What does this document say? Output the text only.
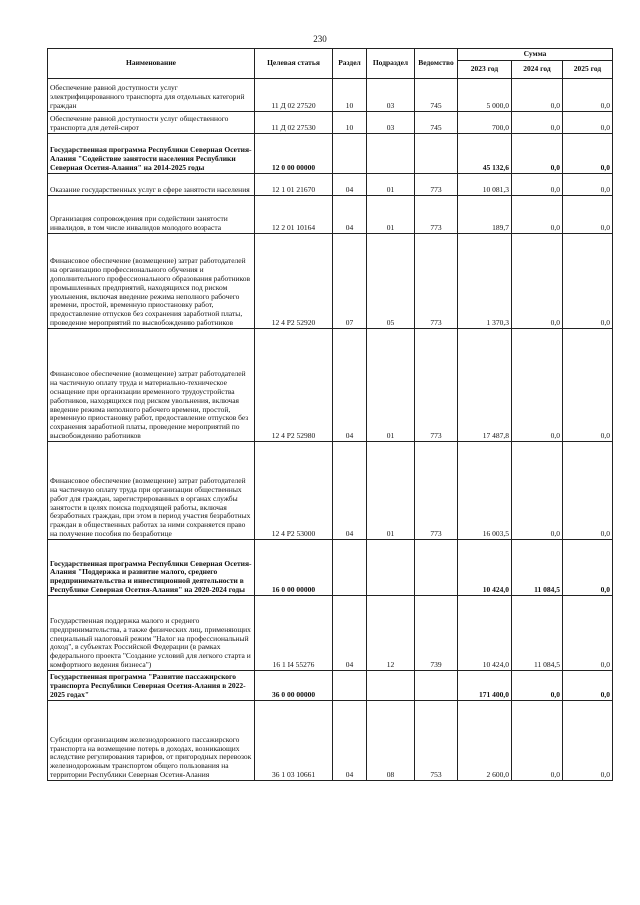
230
Наименование	Целевая статья	Раздел	Подраздел	Ведомство	Сумма		
					2023 год	2024 год	2025 год
Обеспечение равной доступности услуг электрифицированного транспорта для отдельных категорий граждан	11 Д 02 27520	10	03	745	5 000,0	0,0	0,0
Обеспечение равной доступности услуг общественного транспорта для детей-сирот	11 Д 02 27530	10	03	745	700,0	0,0	0,0
Государственная программа Республики Северная Осетия-Алания "Содействие занятости населения Республики Северная Осетия-Алания" на 2014-2025 годы	12 0 00 00000				45 132,6	0,0	0,0
Оказание государственных услуг в сфере занятости населения	12 1 01 21670	04	01	773	10 081,3	0,0	0,0
Организация сопровождения при содействии занятости инвалидов, в том числе инвалидов молодого возраста	12 2 01 10164	04	01	773	189,7	0,0	0,0
Финансовое обеспечение (возмещение) затрат работодателей на организацию профессионального обучения и дополнительного профессионального образования работников промышленных предприятий, находящихся под риском увольнения, включая введение режима неполного рабочего времени, простой, временную приостановку работ, предоставление отпусков без сохранения заработной платы, проведение мероприятий по высвобождению работников	12 4 Р2 52920	07	05	773	1 370,3	0,0	0,0
Финансовое обеспечение (возмещение) затрат работодателей на частичную оплату труда и материально-техническое оснащение при организации временного трудоустройства работников, находящихся под риском увольнения, включая введение режима неполного рабочего времени, простой, временную приостановку работ, предоставление отпусков без сохранения заработной платы, проведение мероприятий по высвобождению работников	12 4 Р2 52980	04	01	773	17 487,8	0,0	0,0
Финансовое обеспечение (возмещение) затрат работодателей на частичную оплату труда при организации общественных работ для граждан, зарегистрированных в органах службы занятости в целях поиска подходящей работы, включая безработных граждан, при этом в период участия безработных граждан в общественных работах за ними сохраняется право на получение пособия по безработице	12 4 Р2 53000	04	01	773	16 003,5	0,0	0,0
Государственная программа Республики Северная Осетия-Алания "Поддержка и развитие малого, среднего предпринимательства и инвестиционной деятельности в Республике Северная Осетия-Алания" на 2020-2024 годы	16 0 00 00000				10 424,0	11 084,5	0,0
Государственная поддержка малого и среднего предпринимательства, а также физических лиц, применяющих специальный налоговый режим "Налог на профессиональный доход", в субъектах Российской Федерации (в рамках федерального проекта "Создание условий для легкого старта и комфортного ведения бизнеса")	16 1 I4 55276	04	12	739	10 424,0	11 084,5	0,0
Государственная программа "Развитие пассажирского транспорта Республики Северная Осетия-Алания в 2022-2025 годах"	36 0 00 00000				171 400,0	0,0	0,0
Субсидии организациям железнодорожного пассажирского транспорта на возмещение потерь в доходах, возникающих вследствие регулирования тарифов, от пригородных перевозок железнодорожным транспортом общего пользования на территории Республики Северная Осетия-Алания	36 1 03 10661	04	08	753	2 600,0	0,0	0,0
